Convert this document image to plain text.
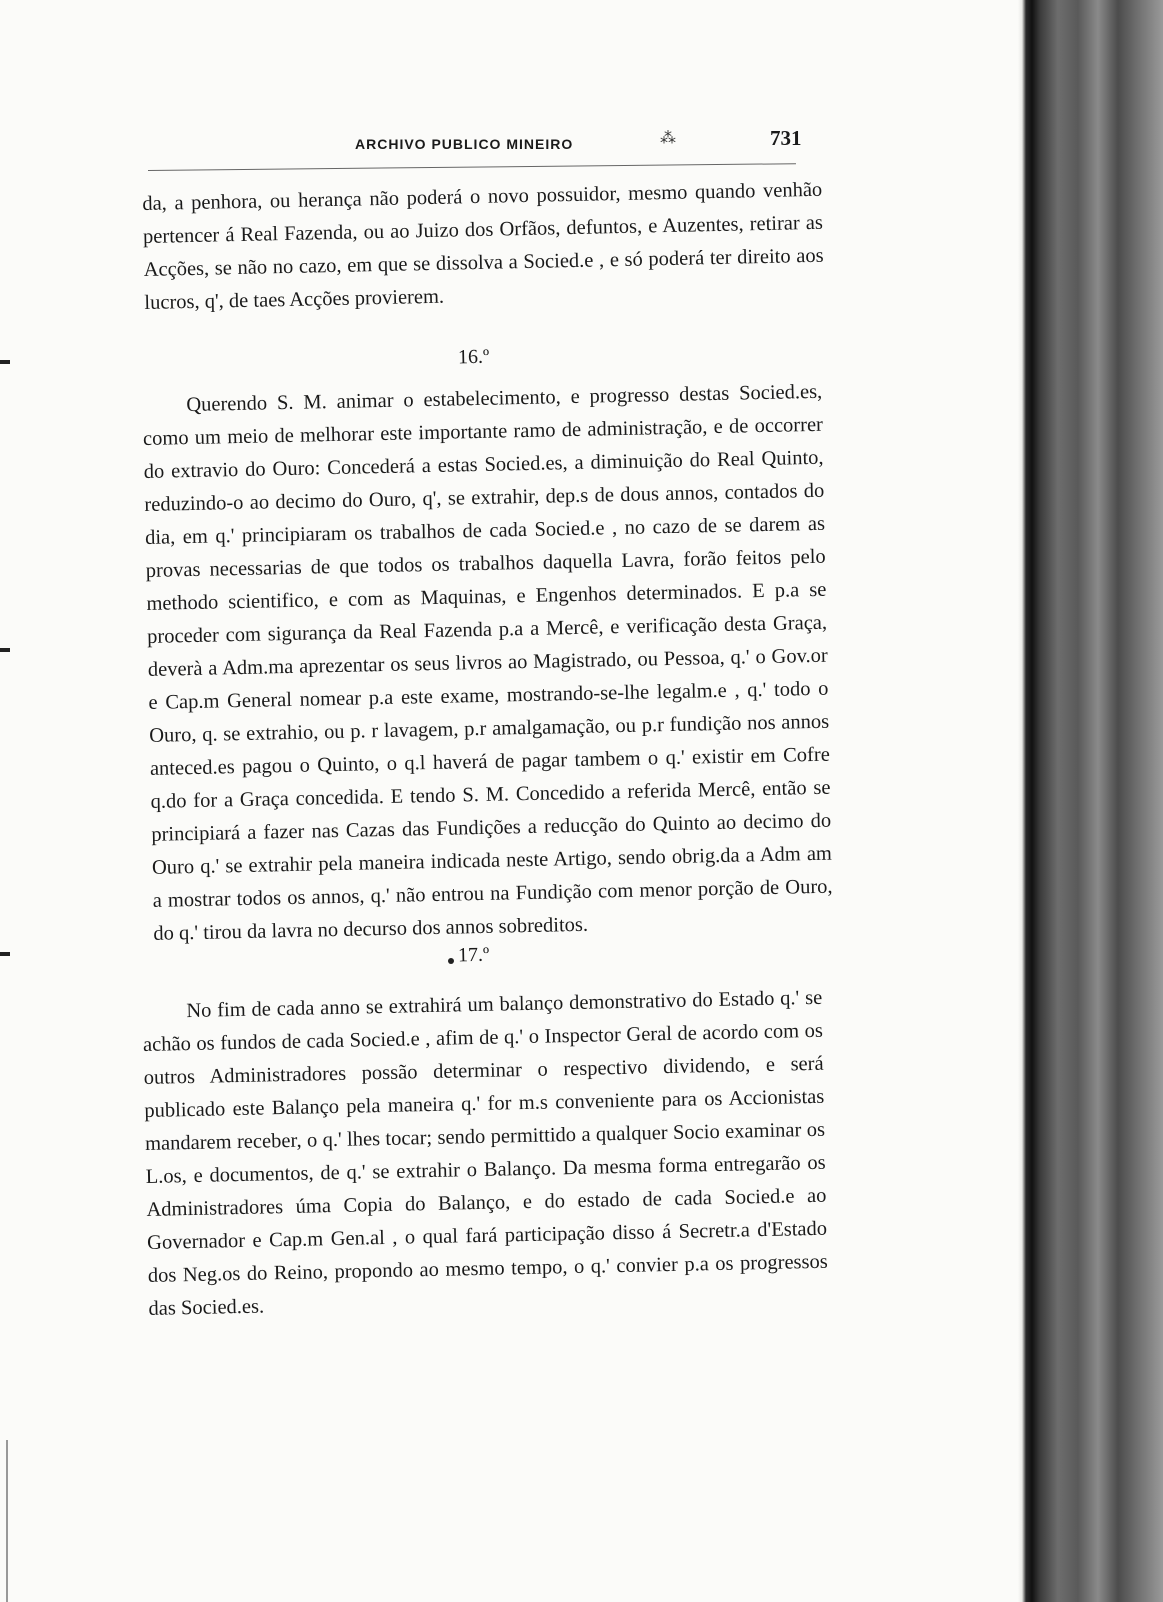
ARCHIVO PUBLICO MINEIRO	⁂	731

da, a penhora, ou herança não poderá o novo possuidor, mesmo quando venhão pertencer á Real Fazenda, ou ao Juizo dos Orfãos, defuntos, e Auzentes, retirar as Acções, se não no cazo, em que se dissolva a Socied.e , e só poderá ter direito aos lucros, q', de taes Acções provierem.

16.º

Querendo S. M. animar o estabelecimento, e progresso destas Socied.es, como um meio de melhorar este importante ramo de administração, e de occorrer do extravio do Ouro: Concederá a estas Socied.es, a diminuição do Real Quinto, reduzindo-o ao decimo do Ouro, q', se extrahir, dep.s de dous annos, contados do dia, em q.' principiaram os trabalhos de cada Socied.e , no cazo de se darem as provas necessarias de que todos os trabalhos daquella Lavra, forão feitos pelo methodo scientifico, e com as Maquinas, e Engenhos determinados. E p.a se proceder com sigurança da Real Fazenda p.a a Mercê, e verificação desta Graça, deverà a Adm.ma aprezentar os seus livros ao Magistrado, ou Pessoa, q.' o Gov.or e Cap.m General nomear p.a este exame, mostrando-se-lhe legalm.e , q.' todo o Ouro, q. se extrahio, ou p. r lavagem, p.r amalgamação, ou p.r fundição nos annos anteced.es pagou o Quinto, o q.l haverá de pagar tambem o q.' existir em Cofre q.do for a Graça concedida. E tendo S. M. Concedido a referida Mercê, então se principiará a fazer nas Cazas das Fundições a reducção do Quinto ao decimo do Ouro q.' se extrahir pela maneira indicada neste Artigo, sendo obrig.da a Adm am a mostrar todos os annos, q.' não entrou na Fundição com menor porção de Ouro, do q.' tirou da lavra no decurso dos annos sobreditos.

17.º

No fim de cada anno se extrahirá um balanço demonstrativo do Estado q.' se achão os fundos de cada Socied.e , afim de q.' o Inspector Geral de acordo com os outros Administradores possão determinar o respectivo dividendo, e será publicado este Balanço pela maneira q.' for m.s conveniente para os Accionistas mandarem receber, o q.' lhes tocar; sendo permittido a qualquer Socio examinar os L.os, e documentos, de q.' se extrahir o Balanço. Da mesma forma entregarão os Administradores úma Copia do Balanço, e do estado de cada Socied.e ao Governador e Cap.m Gen.al , o qual fará participação disso á Secretr.a d'Estado dos Neg.os do Reino, propondo ao mesmo tempo, o q.' convier p.a os progressos das Socied.es.
